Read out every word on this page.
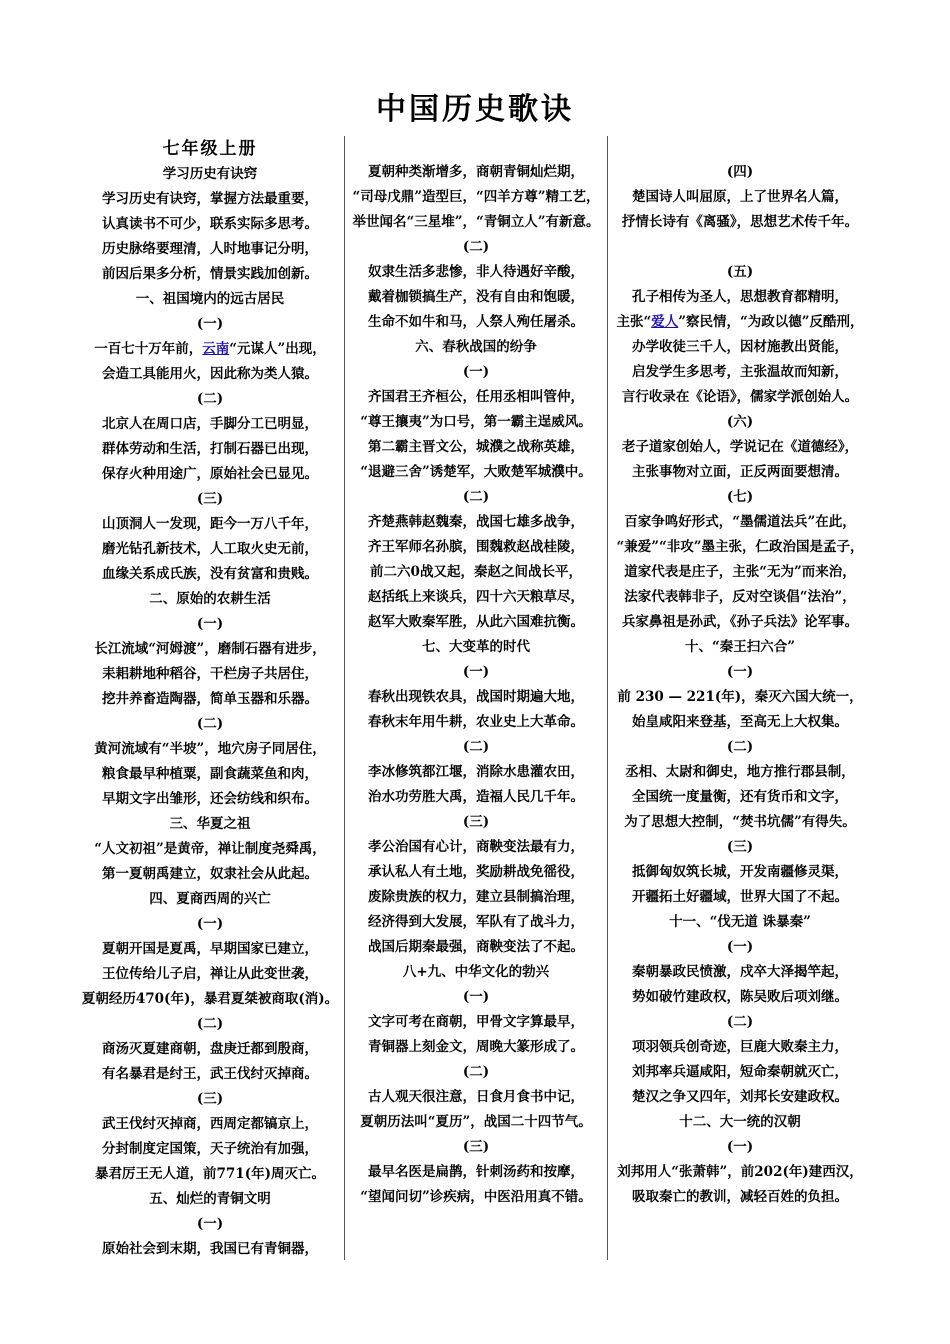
中国历史歌诀
七年级上册
学习历史有诀窍
学习历史有诀窍，掌握方法最重要，
认真读书不可少，联系实际多思考。
历史脉络要理清，人时地事记分明，
前因后果多分析，情景实践加创新。
一、祖国境内的远古居民
(一)
一百七十万年前，云南“元谋人”出现，
会造工具能用火，因此称为类人猿。
(二)
北京人在周口店，手脚分工已明显，
群体劳动和生活，打制石器已出现，
保存火种用途广，原始社会已显见。
(三)
山顶洞人一发现，距今一万八千年，
磨光钻孔新技术，人工取火史无前，
血缘关系成氏族，没有贫富和贵贱。
二、原始的农耕生活
(一)
长江流域“河姆渡”，磨制石器有进步，
耒耜耕地种稻谷，干栏房子共居住，
挖井养畜造陶器，简单玉器和乐器。
(二)
黄河流域有“半坡”，地穴房子同居住，
粮食最早种植粟，副食蔬菜鱼和肉，
早期文字出雏形，还会纺线和织布。
三、华夏之祖
“人文初祖”是黄帝，禅让制度尧舜禹，
第一夏朝禹建立，奴隶社会从此起。
四、夏商西周的兴亡
(一)
夏朝开国是夏禹，早期国家已建立，
王位传给儿子启，禅让从此变世袭，
夏朝经历470(年)，暴君夏桀被商取(消)。
(二)
商汤灭夏建商朝，盘庚迁都到殷商，
有名暴君是纣王，武王伐纣灭掉商。
(三)
武王伐纣灭掉商，西周定都镐京上，
分封制度定国策，天子统治有加强，
暴君厉王无人道，前771(年)周灭亡。
五、灿烂的青铜文明
(一)
原始社会到末期，我国已有青铜器，
夏朝种类渐增多，商朝青铜灿烂期，
“司母戊鼎”造型巨，“四羊方尊”精工艺，
举世闻名“三星堆”，“青铜立人”有新意。
(二)
奴隶生活多悲惨，非人待遇好辛酸，
戴着枷锁搞生产，没有自由和饱暖，
生命不如牛和马，人祭人殉任屠杀。
六、春秋战国的纷争
(一)
齐国君王齐桓公，任用丞相叫管仲，
“尊王攘夷”为口号，第一霸主逞威风。
第二霸主晋文公，城濮之战称英雄，
“退避三舍”诱楚军，大败楚军城濮中。
(二)
齐楚燕韩赵魏秦，战国七雄多战争，
齐王军师名孙膑，围魏救赵战桂陵，
前二六0战又起，秦赵之间战长平，
赵括纸上来谈兵，四十六天粮草尽，
赵军大败秦军胜，从此六国难抗衡。
七、大变革的时代
(一)
春秋出现铁农具，战国时期遍大地，
春秋末年用牛耕，农业史上大革命。
(二)
李冰修筑都江堰，消除水患灌农田，
治水功劳胜大禹，造福人民几千年。
(三)
孝公治国有心计，商鞅变法最有力，
承认私人有土地，奖励耕战免徭役，
废除贵族的权力，建立县制搞治理，
经济得到大发展，军队有了战斗力，
战国后期秦最强，商鞅变法了不起。
八+九、中华文化的勃兴
(一)
文字可考在商朝，甲骨文字算最早，
青铜器上刻金文，周晚大篆形成了。
(二)
古人观天很注意，日食月食书中记，
夏朝历法叫“夏历”，战国二十四节气。
(三)
最早名医是扁鹊，针刺汤药和按摩，
“望闻问切”诊疾病，中医沿用真不错。
(四)
楚国诗人叫屈原，上了世界名人篇，
抒情长诗有《离骚》，思想艺术传千年。

(五)
孔子相传为圣人，思想教育都精明，
主张“爱人”察民情，“为政以德”反酷刑，
办学收徒三千人，因材施教出贤能，
启发学生多思考，主张温故而知新，
言行收录在《论语》，儒家学派创始人。
(六)
老子道家创始人，学说记在《道德经》，
主张事物对立面，正反两面要想清。
(七)
百家争鸣好形式，“墨儒道法兵”在此，
“兼爱”“非攻”墨主张，仁政治国是孟子，
道家代表是庄子，主张“无为”而来治，
法家代表韩非子，反对空谈倡“法治”，
兵家鼻祖是孙武，《孙子兵法》论军事。
十、“秦王扫六合”
(一)
前 230 — 221(年)，秦灭六国大统一，
始皇咸阳来登基，至高无上大权集。
(二)
丞相、太尉和御史，地方推行郡县制，
全国统一度量衡，还有货币和文字，
为了思想大控制，“焚书坑儒”有得失。
(三)
抵御匈奴筑长城，开发南疆修灵渠，
开疆拓土好疆域，世界大国了不起。
十一、“伐无道 诛暴秦”
(一)
秦朝暴政民愤激，戍卒大泽揭竿起，
势如破竹建政权，陈吴败后项刘继。
(二)
项羽领兵创奇迹，巨鹿大败秦主力，
刘邦率兵逼咸阳，短命秦朝就灭亡，
楚汉之争又四年，刘邦长安建政权。
十二、大一统的汉朝
(一)
刘邦用人“张萧韩”，前202(年)建西汉，
吸取秦亡的教训，减轻百姓的负担。
